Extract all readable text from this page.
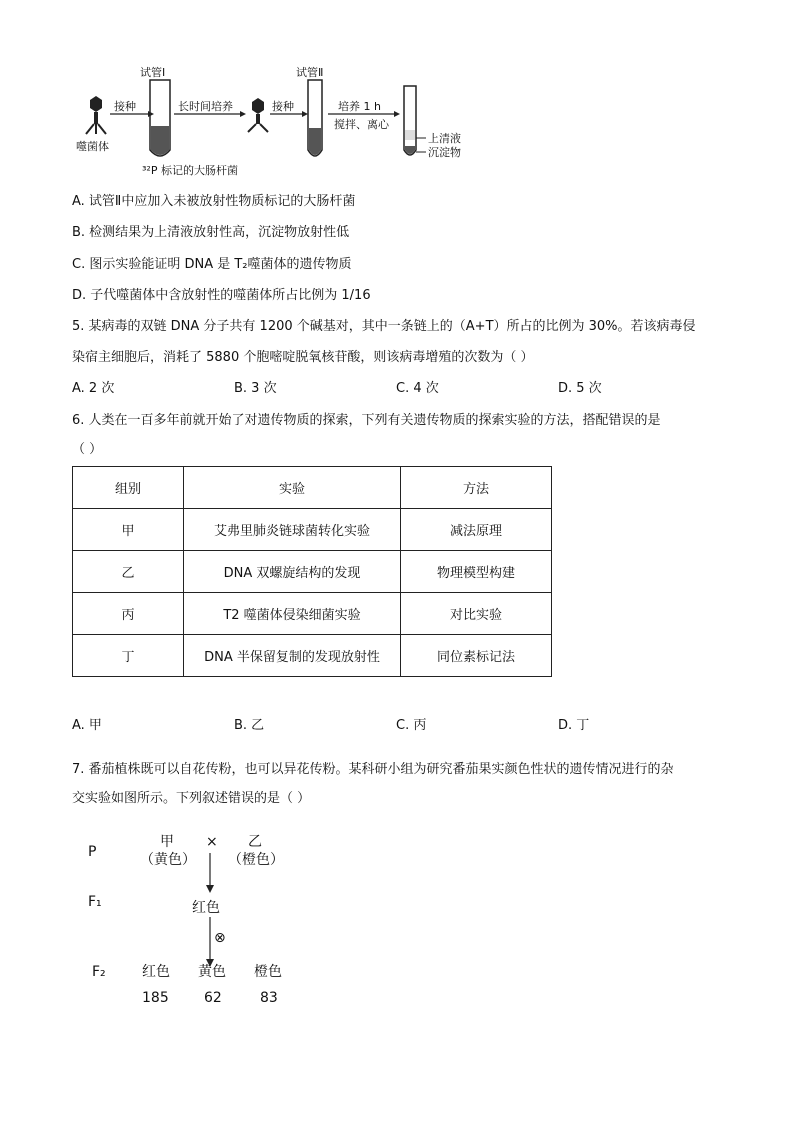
试管Ⅰ	试管Ⅱ
噬菌体
接种	长时间培养	接种	培养 1 h
搅拌、离心
³²P 标记的大肠杆菌
上清液
沉淀物
A. 试管Ⅱ中应加入未被放射性物质标记的大肠杆菌
B. 检测结果为上清液放射性高，沉淀物放射性低
C. 图示实验能证明 DNA 是 T₂噬菌体的遗传物质
D. 子代噬菌体中含放射性的噬菌体所占比例为 1/16
5. 某病毒的双链 DNA 分子共有 1200 个碱基对，其中一条链上的（A+T）所占的比例为 30%。若该病毒侵
染宿主细胞后，消耗了 5880 个胞嘧啶脱氧核苷酸，则该病毒增殖的次数为（ ）
A. 2 次	B. 3 次	C. 4 次	D. 5 次
6. 人类在一百多年前就开始了对遗传物质的探索，下列有关遗传物质的探索实验的方法，搭配错误的是
（ ）
组别	实验	方法
甲	艾弗里肺炎链球菌转化实验	减法原理
乙	DNA 双螺旋结构的发现	物理模型构建
丙	T2 噬菌体侵染细菌实验	对比实验
丁	DNA 半保留复制的发现放射性	同位素标记法
A. 甲	B. 乙	C. 丙	D. 丁
7. 番茄植株既可以自花传粉，也可以异花传粉。某科研小组为研究番茄果实颜色性状的遗传情况进行的杂
交实验如图所示。下列叙述错误的是（ ）
P
甲
（黄色）
× 乙
（橙色）
F₁	红色
⊗
F₂	红色 黄色 橙色
185	62	83
